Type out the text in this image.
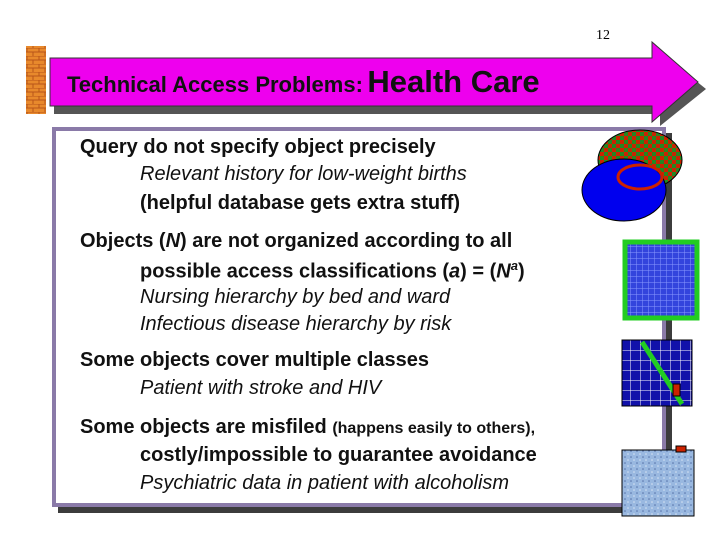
12
Technical Access Problems: Health Care
Query do not specify object precisely
Relevant history for low-weight births
(helpful database gets extra stuff)
Objects (N) are not organized according to all
possible access classifications $(a) = (N^a)$
Nursing hierarchy by bed and ward
Infectious disease hierarchy by risk
Some objects cover multiple classes
Patient with stroke and HIV
Some objects are misfiled (happens easily to others),
costly/impossible to guarantee avoidance
Psychiatric data in patient with alcoholism
